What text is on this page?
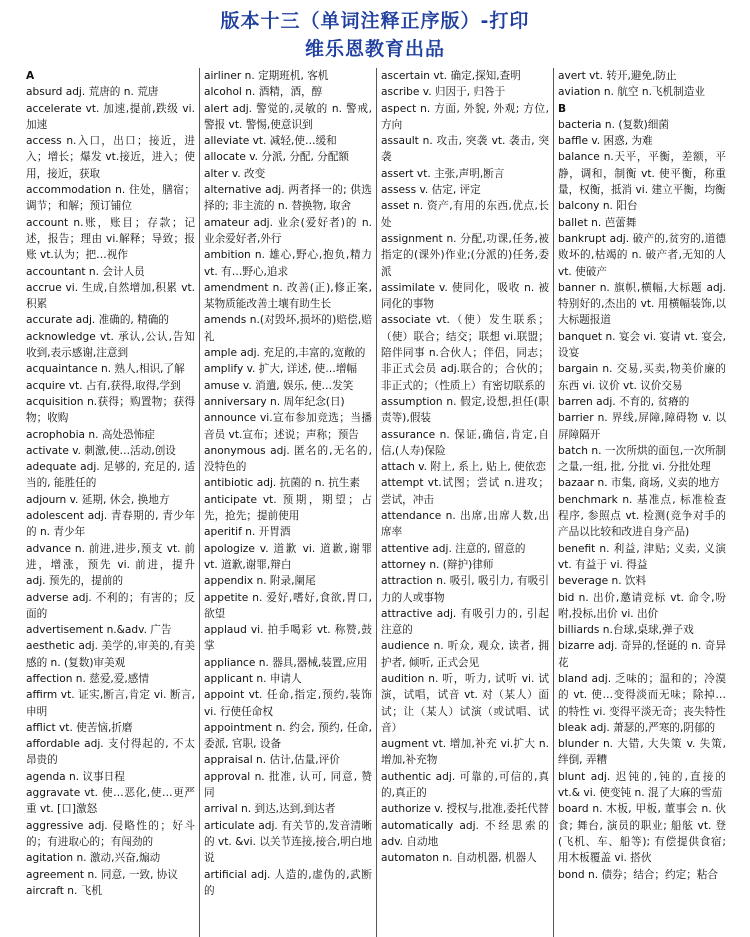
版本十三（单词注释正序版）-打印
维乐恩教育出品

A

absurd adj. 荒唐的 n. 荒唐

accelerate vt. 加速,提前,跌级 vi. 加速

access n.入口，出口；接近，进入；增长；爆发 vt.接近，进入；使用，接近，获取

accommodation n. 住处，膳宿；调节；和解；预订铺位

account n.账，账目；存款；记述，报告；理由 vi.解释；导致；报账 vt.认为；把…视作

accountant n. 会计人员

accrue vi. 生成,自然增加,积累 vt. 积累

accurate adj. 准确的, 精确的

acknowledge vt. 承认,公认,告知收到,表示感谢,注意到

acquaintance n. 熟人,相识,了解

acquire vt. 占有,获得,取得,学到

acquisition n.获得；购置物；获得物；收购

acrophobia n. 高处恐怖症

activate v. 刺激,使…活动,创设

adequate adj. 足够的, 充足的, 适当的, 能胜任的

adjourn v. 延期, 休会, 换地方

adolescent adj. 青春期的, 青少年的 n. 青少年

advance n. 前进,进步,预支 vt. 前进，增涨，预先 vi. 前进，提升 adj. 预先的，提前的

adverse adj. 不利的；有害的；反面的

advertisement n.&adv. 广告

aesthetic adj. 美学的,审美的,有美感的 n. (复数)审美观

affection n. 慈爱,爱,感情

affirm vt. 证实,断言,肯定 vi. 断言,申明

afflict vt. 使苦恼,折磨

affordable adj. 支付得起的, 不太昂贵的

agenda n. 议事日程

aggravate vt. 使…恶化,使…更严重 vt. [口]激怒

aggressive adj. 侵略性的；好斗的；有进取心的；有闯劲的

agitation n. 激动,兴奋,煽动

agreement n. 同意, 一致, 协议

aircraft n. 飞机

airliner n. 定期班机, 客机

alcohol n. 酒精，酒，醇

alert adj. 警觉的,灵敏的 n. 警戒,警报 vt. 警惕,使意识到

alleviate vt. 减轻,使…缓和

allocate v. 分派, 分配, 分配额

alter v. 改变

alternative adj. 两者择一的; 供选择的; 非主流的 n. 替换物, 取舍

amateur adj. 业余(爱好者)的 n. 业余爱好者,外行

ambition n. 雄心,野心,抱负,精力 vt. 有…野心,追求

amendment n. 改善(正),修正案,某物质能改善土壤有助生长

amends n.(对毁坏,损坏的)赔偿,赔礼

ample adj. 充足的,丰富的,宽敞的

amplify v. 扩大, 详述, 使…增幅

amuse v. 消遣, 娱乐, 使…发笑

anniversary n. 周年纪念(日)

announce vi.宣布参加竞选；当播音员 vt.宣布；述说；声称；预告

anonymous adj. 匿名的,无名的,没特色的

antibiotic adj. 抗菌的 n. 抗生素

anticipate vt. 预期，期望；占先，抢先；提前使用

aperitif n. 开胃酒

apologize v. 道歉 vi. 道歉,谢罪 vt. 道歉,谢罪,辩白

appendix n. 附录,阑尾

appetite n. 爱好,嗜好,食欲,胃口,欲望

applaud vi. 拍手喝彩 vt. 称赞,鼓掌

appliance n. 器具,器械,装置,应用

applicant n. 申请人

appoint vt. 任命,指定,预约,装饰 vi. 行使任命权

appointment n. 约会, 预约, 任命, 委派, 官职, 设备

appraisal n. 估计,估量,评价

approval n. 批准, 认可, 同意, 赞同

arrival n. 到达,达到,到达者

articulate adj. 有关节的,发音清晰的 vt. &vi. 以关节连接,接合,明白地说

artificial adj. 人造的,虚伪的,武断的

ascertain vt. 确定,探知,查明

ascribe v. 归因于, 归咎于

aspect n. 方面, 外貌, 外观; 方位, 方向

assault n. 攻击, 突袭 vt. 袭击, 突袭

assert vt. 主张,声明,断言

assess v. 估定, 评定

asset n. 资产,有用的东西,优点,长处

assignment n. 分配,功课,任务,被指定的(课外)作业;(分派的)任务,委派

assimilate v. 使同化，吸收 n. 被同化的事物

associate vt.（使）发生联系；（使）联合；结交；联想 vi.联盟；陪伴同事 n.合伙人；伴侣，同志；非正式会员 adj.联合的；合伙的；非正式的；（性质上）有密切联系的

assumption n. 假定,设想,担任(职责等),假装

assurance n. 保证,确信,肯定,自信,(人寿)保险

attach v. 附上, 系上, 贴上, 使依恋

attempt vt.试图；尝试 n.进攻；尝试，冲击

attendance n. 出席,出席人数,出席率

attentive adj. 注意的, 留意的

attorney n. (辩护)律师

attraction n. 吸引, 吸引力, 有吸引力的人或事物

attractive adj. 有吸引力的, 引起注意的

audience n. 听众, 观众, 读者, 拥护者, 倾听, 正式会见

audition n. 听，听力, 试听 vi. 试演，试唱，试音 vt. 对（某人）面试；让（某人）试演（或试唱、试音）

augment vt. 增加,补充 vi.扩大 n. 增加,补充物

authentic adj. 可靠的,可信的,真的,真正的

authorize v. 授权与,批准,委托代替

automatically adj. 不经思索的 adv. 自动地

automaton n. 自动机器, 机器人

avert vt. 转开,避免,防止

aviation n. 航空 n.飞机制造业

B

bacteria n. (复数)细菌

baffle v. 困惑, 为难

balance n.天平，平衡，差额，平静，调和，制衡 vt. 使平衡，称重量，权衡，抵消 vi. 建立平衡，均衡

balcony n. 阳台

ballet n. 芭蕾舞

bankrupt adj. 破产的,贫穷的,道德败坏的,枯竭的 n. 破产者,无知的人 vt. 使破产

banner n. 旗帜,横幅,大标题 adj. 特别好的,杰出的 vt. 用横幅装饰,以大标题报道

banquet n. 宴会 vi. 宴请 vt. 宴会,设宴

bargain n. 交易,买卖,物美价廉的东西 vi. 议价 vt. 议价交易

barren adj. 不育的, 贫瘠的

barrier n. 界线,屏障,障碍物 v. 以屏障隔开

batch n. 一次所烘的面包,一次所制之量,一组, 批, 分批 vi. 分批处理

bazaar n. 市集, 商场, 义卖的地方

benchmark n. 基准点, 标准检查程序, 参照点 vt. 检测(竞争对手的产品以比较和改进自身产品)

benefit n. 利益, 津贴; 义卖, 义演 vt. 有益于 vi. 得益

beverage n. 饮料

bid n. 出价,邀请竞标 vt. 命令,吩咐,投标,出价 vi. 出价

billiards n.台球,桌球,弹子戏

bizarre adj. 奇异的,怪诞的 n. 奇异花

bland adj. 乏味的；温和的；冷漠的 vt. 使…变得淡而无味；除掉…的特性 vi. 变得平淡无奇；丧失特性

bleak adj. 萧瑟的,严寒的,阴郁的

blunder n. 大错, 大失策 v. 失策, 绊倒, 弄糟

blunt adj. 迟钝的,钝的,直接的 vt.& vi. 使变钝 n. 混了大麻的雪茄

board n. 木板, 甲板, 董事会 n. 伙食; 舞台, 演员的职业; 船舷 vt. 登(飞机、车、船等); 有偿提供食宿; 用木板覆盖 vi. 搭伙

bond n. 债券；结合；约定；粘合
